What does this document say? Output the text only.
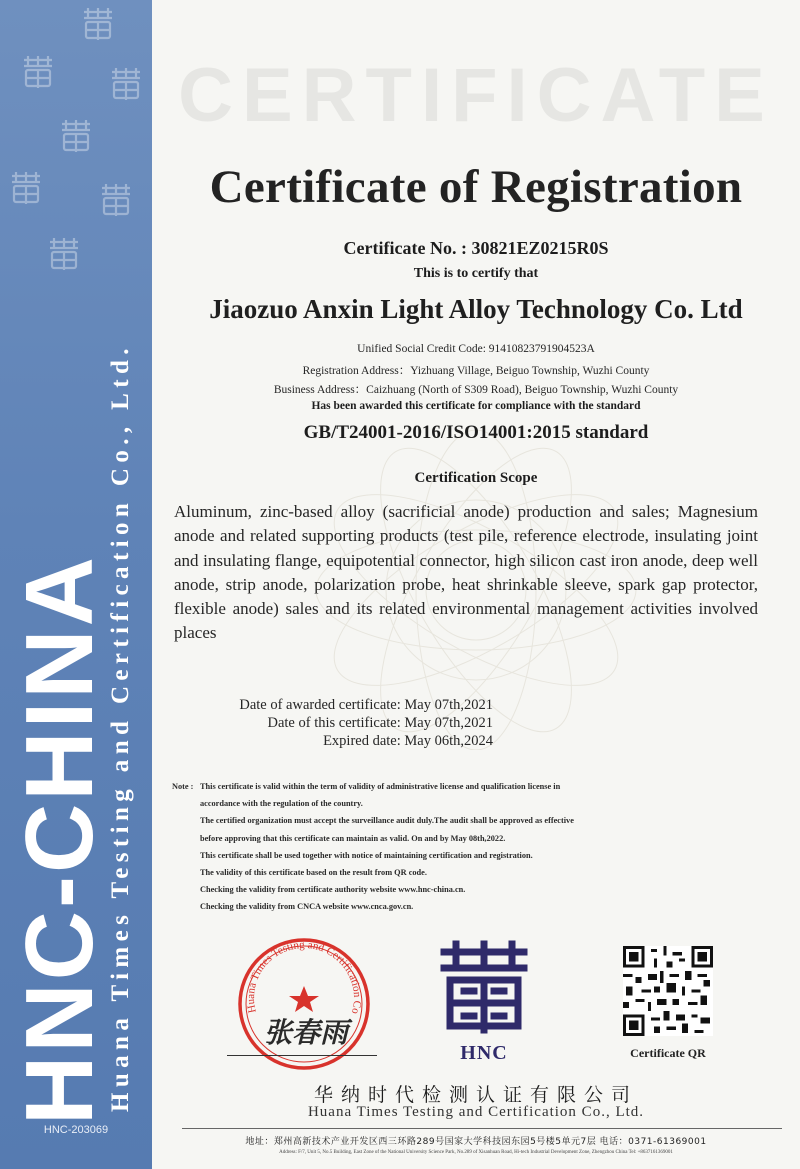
HNC-CHINA
Huana Times Testing and Certification Co., Ltd.
HNC-203069
CERTIFICATE
Certificate of Registration
Certificate No. : 30821EZ0215R0S
This is to certify that
Jiaozuo Anxin Light Alloy Technology Co. Ltd
Unified Social Credit Code: 91410823791904523A
Registration Address：Yizhuang Village, Beiguo Township, Wuzhi County
Business Address：Caizhuang (North of S309 Road), Beiguo Township, Wuzhi County
Has been awarded this certificate for compliance with the standard
GB/T24001-2016/ISO14001:2015 standard
Certification Scope
Aluminum, zinc-based alloy (sacrificial anode) production and sales; Magnesium anode and related supporting products (test pile, reference electrode, insulating joint and insulating flange, equipotential connector, high silicon cast iron anode, deep well anode, strip anode, polarization probe, heat shrinkable sleeve, spark gap protector, flexible anode) sales and its related environmental management activities involved places
Date of awarded certificate: May 07th,2021
Date of this certificate: May 07th,2021
Expired date: May 06th,2024
Note : This certificate is valid within the term of validity of administrative license and qualification license in
accordance with the regulation of the country.
The certified organization must accept the surveillance audit duly.The audit shall be approved as effective
before approving that this certificate can maintain as valid. On and by May 08th,2022.
This certificate shall be used together with notice of maintaining certification and registration.
The validity of this certificate based on the result from QR code.
Checking the validity from certificate authority website www.hnc-china.cn.
Checking the validity from CNCA website www.cnca.gov.cn.
Huana Times Testing and Certification Co
张春雨
HNC	Certificate QR
华纳时代检测认证有限公司
Huana Times Testing and Certification Co., Ltd.
地址：郑州高新技术产业开发区西三环路289号国家大学科技园东园5号楼5单元7层 电话：0371-61369001
Address: F/7, Unit 5, No.5 Building, East Zone of the National University Science Park, No.289 of Xisanhuan Road, Hi-tech Industrial Development Zone, Zhengzhou China Tel: +8637161369001
